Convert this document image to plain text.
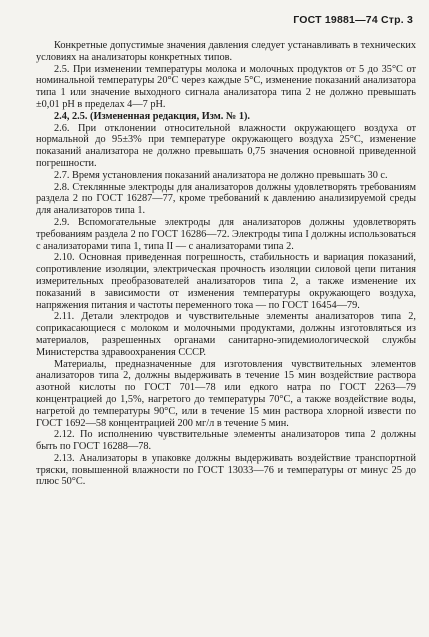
ГОСТ 19881—74 Стр. 3

Конкретные допустимые значения давления следует устанавливать в технических условиях на анализаторы конкретных типов.

2.5. При изменении температуры молока и молочных продуктов от 5 до 35°С от номинальной температуры 20°С через каждые 5°С, изменение показаний анализатора типа 1 или значение выходного сигнала анализатора типа 2 не должно превышать ±0,01 рН в пределах 4—7 рН.

2.4, 2.5. (Измененная редакция, Изм. № 1).

2.6. При отклонении относительной влажности окружающего воздуха от нормальной до 95±3% при температуре окружающего воздуха 25°С, изменение показаний анализатора не должно превышать 0,75 значения основной приведенной погрешности.

2.7. Время установления показаний анализатора не должно превышать 30 с.

2.8. Стеклянные электроды для анализаторов должны удовлетворять требованиям раздела 2 по ГОСТ 16287—77, кроме требований к давлению анализируемой среды для анализаторов типа 1.

2.9. Вспомогательные электроды для анализаторов должны удовлетворять требованиям раздела 2 по ГОСТ 16286—72. Электроды типа I должны использоваться с анализаторами типа 1, типа II — с анализаторами типа 2.

2.10. Основная приведенная погрешность, стабильность и вариация показаний, сопротивление изоляции, электрическая прочность изоляции силовой цепи питания измерительных преобразователей анализаторов типа 2, а также изменение их показаний в зависимости от изменения температуры окружающего воздуха, напряжения питания и частоты переменного тока — по ГОСТ 16454—79.

2.11. Детали электродов и чувствительные элементы анализаторов типа 2, соприкасающиеся с молоком и молочными продуктами, должны изготовляться из материалов, разрешенных органами санитарно-эпидемиологической службы Министерства здравоохранения СССР.

Материалы, предназначенные для изготовления чувствительных элементов анализаторов типа 2, должны выдерживать в течение 15 мин воздействие раствора азотной кислоты по ГОСТ 701—78 или едкого натра по ГОСТ 2263—79 концентрацией до 1,5%, нагретого до температуры 70°С, а также воздействие воды, нагретой до температуры 90°С, или в течение 15 мин раствора хлорной извести по ГОСТ 1692—58 концентрацией 200 мг/л в течение 5 мин.

2.12. По исполнению чувствительные элементы анализаторов типа 2 должны быть по ГОСТ 16288—78.

2.13. Анализаторы в упаковке должны выдерживать воздействие транспортной тряски, повышенной влажности по ГОСТ 13033—76 и температуры от минус 25 до плюс 50°С.
